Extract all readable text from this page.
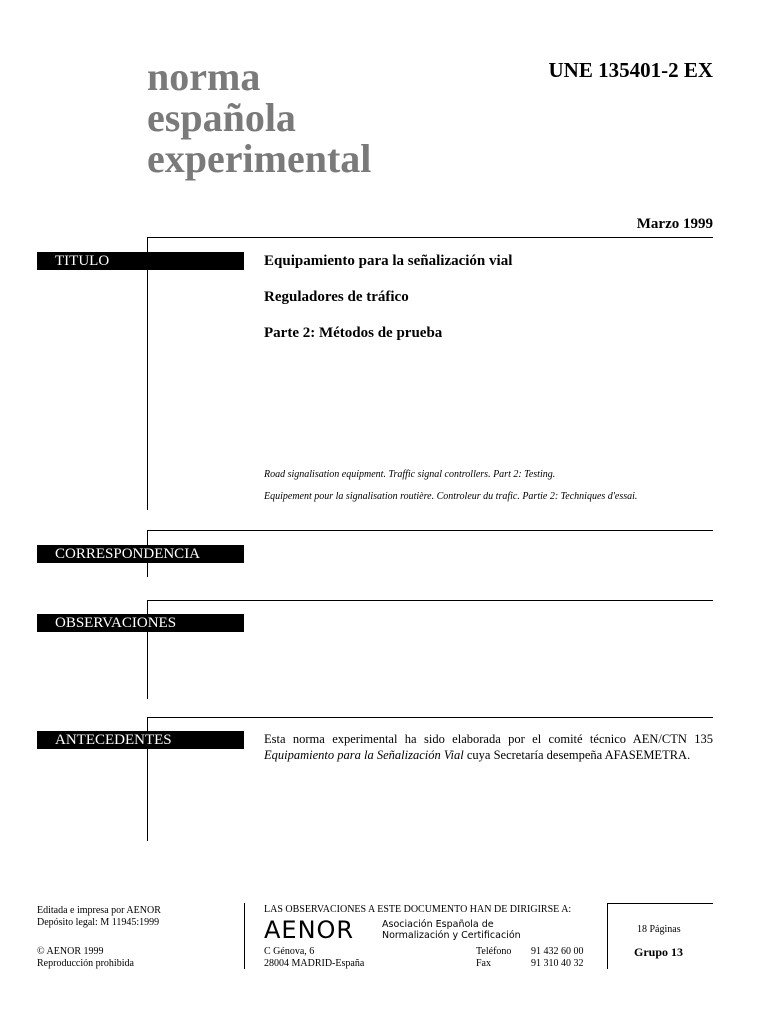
norma
española
experimental
UNE 135401-2 EX
Marzo 1999
TITULO	Equipamiento para la señalización vial
Reguladores de tráfico
Parte 2: Métodos de prueba
Road signalisation equipment. Traffic signal controllers. Part 2: Testing.
Equipement pour la signalisation routière. Controleur du trafic. Partie 2: Techniques d'essai.
CORRESPONDENCIA
OBSERVACIONES
ANTECEDENTES	Esta norma experimental ha sido elaborada por el comité técnico AEN/CTN 135 Equipamiento para la Señalización Vial cuya Secretaría desempeña AFASEMETRA.
Editada e impresa por AENOR
Depósito legal: M 11945:1999
© AENOR 1999
Reproducción prohibida
LAS OBSERVACIONES A ESTE DOCUMENTO HAN DE DIRIGIRSE A:
AENOR	Asociación Española de
Normalización y Certificación
C Génova, 6
28004 MADRID-España
Teléfono 91 432 60 00
Fax	91 310 40 32
18 Páginas
Grupo 13
